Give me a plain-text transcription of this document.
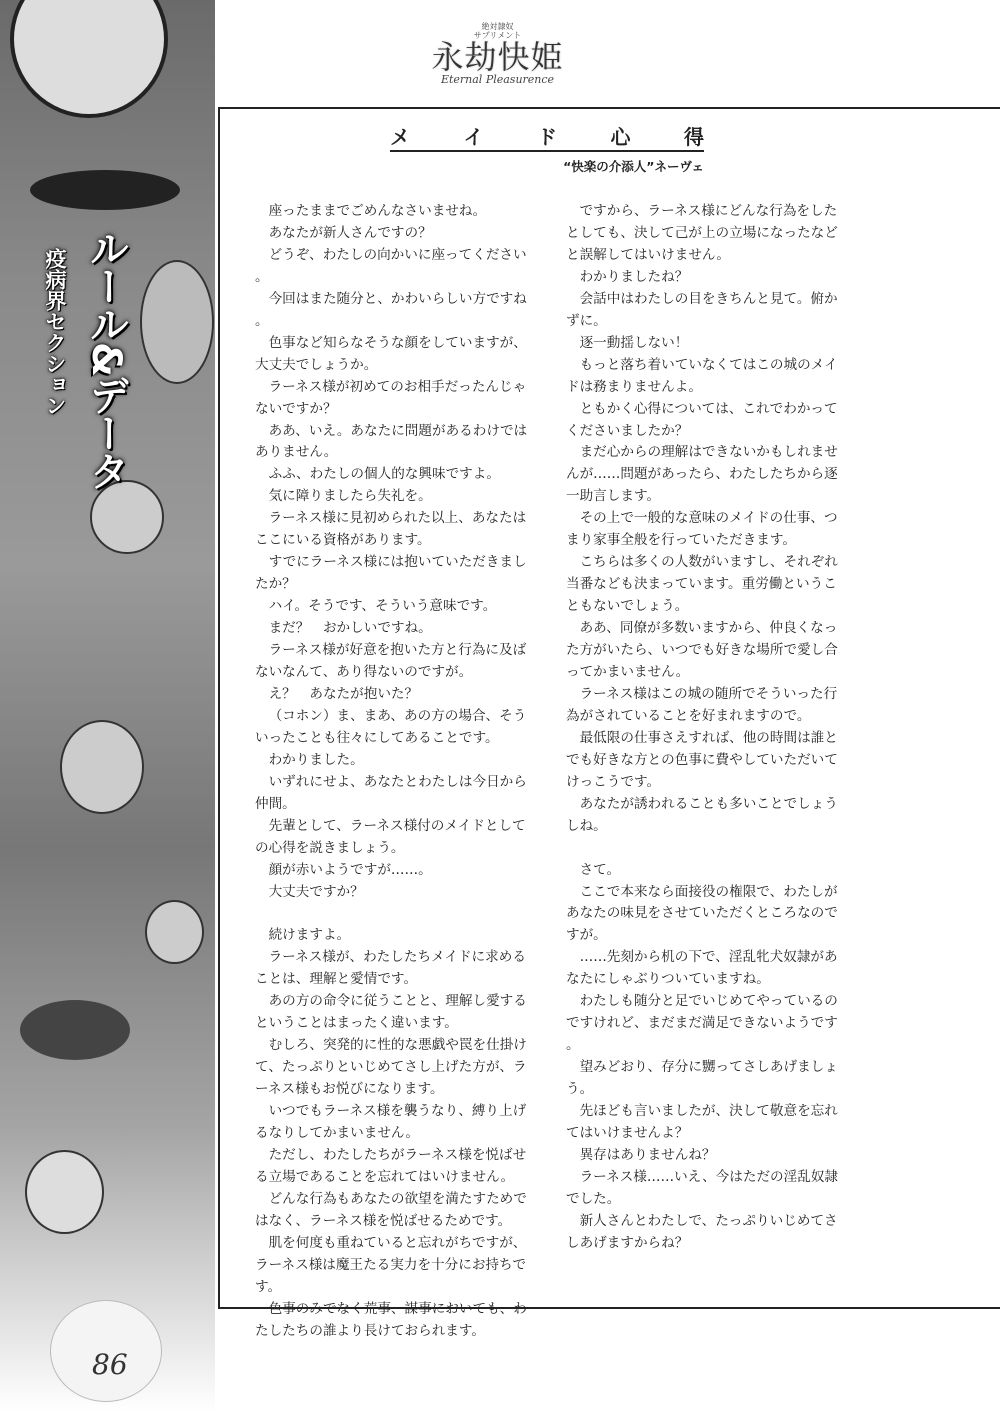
ルール&データ
疫病界セクション
86
絶対隷奴
サプリメント
永劫快姫
Eternal Pleasurence
メ	イ	ド	心	得
“快楽の介添人”ネーヴェ

座ったままでごめんなさいませね。

あなたが新人さんですの？

どうぞ、わたしの向かいに座ってください。

今回はまた随分と、かわいらしい方ですね。

色事など知らなそうな顔をしていますが、大丈夫でしょうか。

ラーネス様が初めてのお相手だったんじゃないですか？

ああ、いえ。あなたに問題があるわけではありません。

ふふ、わたしの個人的な興味ですよ。

気に障りましたら失礼を。

ラーネス様に見初められた以上、あなたはここにいる資格があります。

すでにラーネス様には抱いていただきましたか？

ハイ。そうです、そういう意味です。

まだ？　おかしいですね。

ラーネス様が好意を抱いた方と行為に及ばないなんて、あり得ないのですが。

え？　あなたが抱いた？

（コホン）ま、まあ、あの方の場合、そういったことも往々にしてあることです。

わかりました。

いずれにせよ、あなたとわたしは今日から仲間。

先輩として、ラーネス様付のメイドとしての心得を説きましょう。

顔が赤いようですが……。

大丈夫ですか？

続けますよ。

ラーネス様が、わたしたちメイドに求めることは、理解と愛情です。

あの方の命令に従うことと、理解し愛するということはまったく違います。

むしろ、突発的に性的な悪戯や罠を仕掛けて、たっぷりといじめてさし上げた方が、ラーネス様もお悦びになります。

いつでもラーネス様を襲うなり、縛り上げるなりしてかまいません。

ただし、わたしたちがラーネス様を悦ばせる立場であることを忘れてはいけません。

どんな行為もあなたの欲望を満たすためではなく、ラーネス様を悦ばせるためです。

肌を何度も重ねていると忘れがちですが、ラーネス様は魔王たる実力を十分にお持ちです。

色事のみでなく荒事、謀事においても、わたしたちの誰より長けておられます。

ですから、ラーネス様にどんな行為をしたとしても、決して己が上の立場になったなどと誤解してはいけません。

わかりましたね？

会話中はわたしの目をきちんと見て。俯かずに。

逐一動揺しない！

もっと落ち着いていなくてはこの城のメイドは務まりませんよ。

ともかく心得については、これでわかってくださいましたか？

まだ心からの理解はできないかもしれませんが……問題があったら、わたしたちから逐一助言します。

その上で一般的な意味のメイドの仕事、つまり家事全般を行っていただきます。

こちらは多くの人数がいますし、それぞれ当番なども決まっています。重労働ということもないでしょう。

ああ、同僚が多数いますから、仲良くなった方がいたら、いつでも好きな場所で愛し合ってかまいません。

ラーネス様はこの城の随所でそういった行為がされていることを好まれますので。

最低限の仕事さえすれば、他の時間は誰とでも好きな方との色事に費やしていただいてけっこうです。

あなたが誘われることも多いことでしょうしね。

さて。

ここで本来なら面接役の権限で、わたしがあなたの味見をさせていただくところなのですが。

……先刻から机の下で、淫乱牝犬奴隷があなたにしゃぶりついていますね。

わたしも随分と足でいじめてやっているのですけれど、まだまだ満足できないようです。

望みどおり、存分に嬲ってさしあげましょう。

先ほども言いましたが、決して敬意を忘れてはいけませんよ？

異存はありませんね？

ラーネス様……いえ、今はただの淫乱奴隷でした。

新人さんとわたしで、たっぷりいじめてさしあげますからね？
